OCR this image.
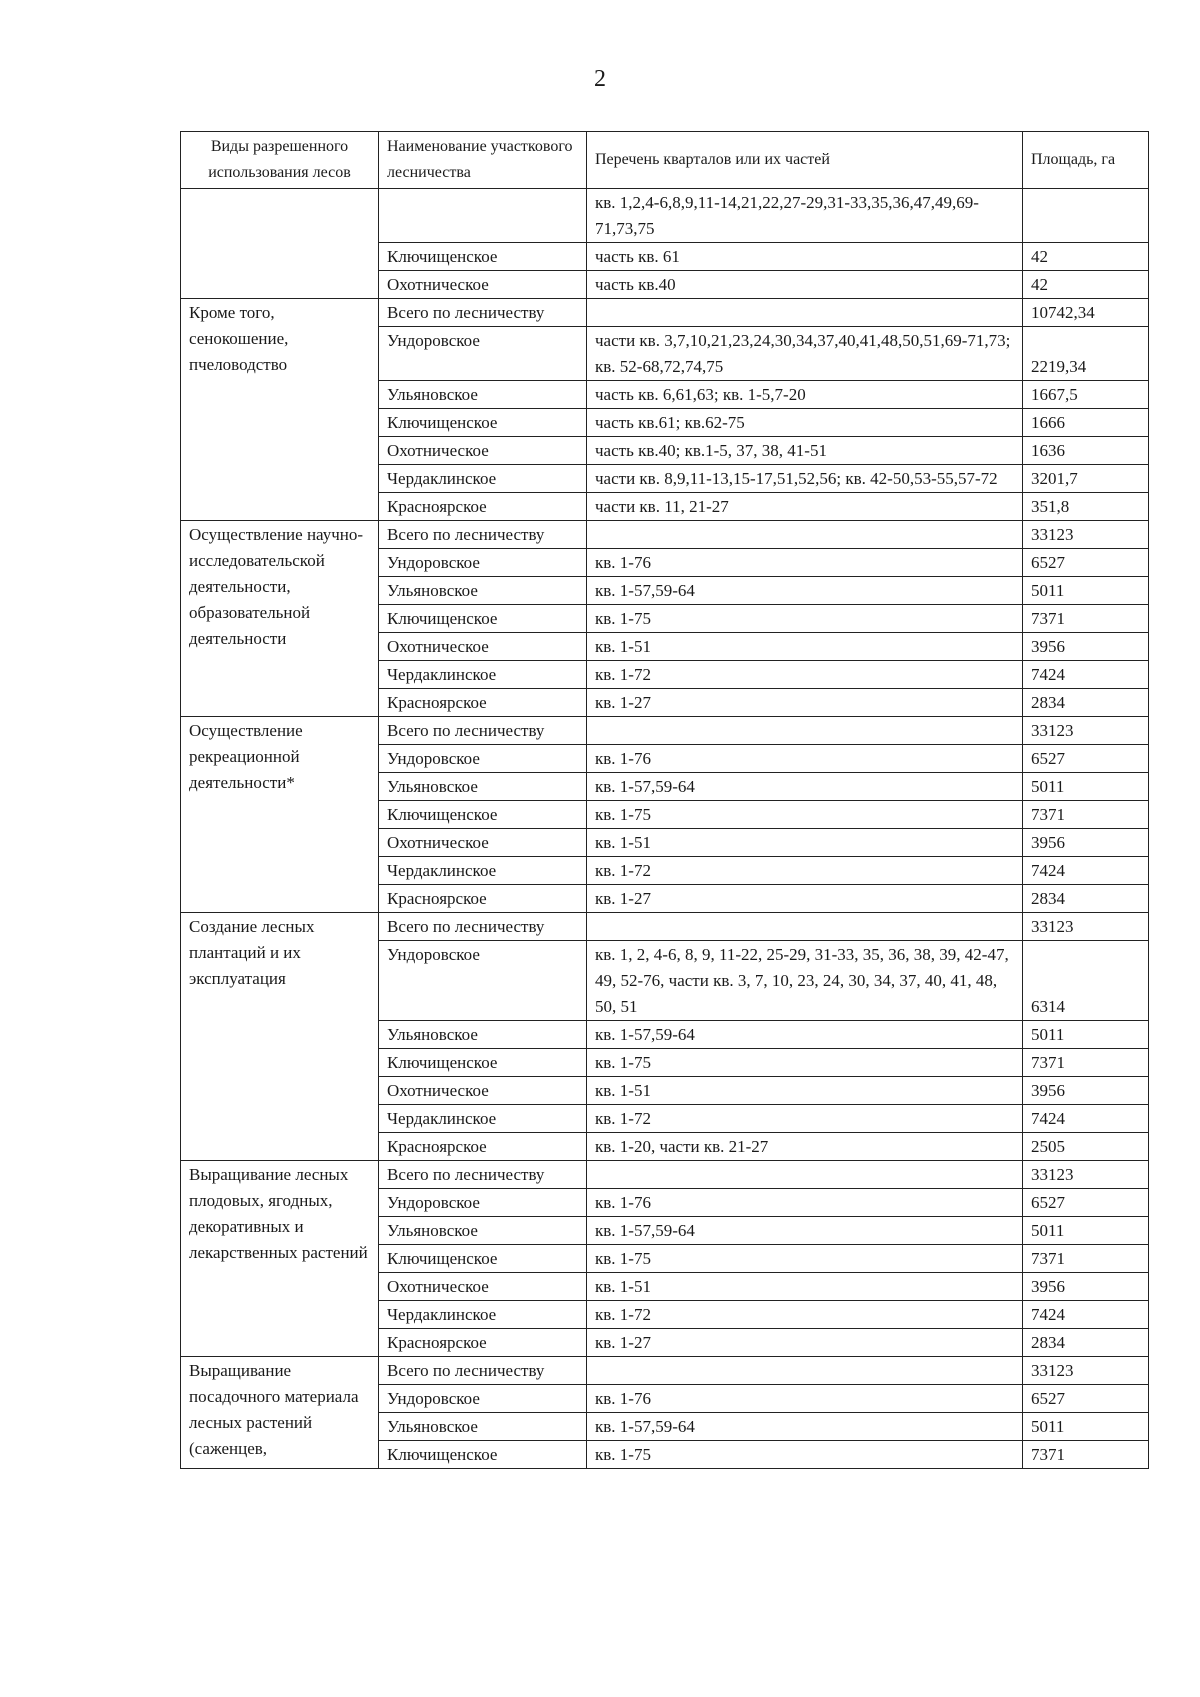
2
Виды разрешенного использования лесов	Наименование участкового лесничества	Перечень кварталов или их частей	Площадь, га
		кв. 1,2,4-6,8,9,11-14,21,22,27-29,31-33,35,36,47,49,69-71,73,75	
	Ключищенское	часть кв. 61	42
	Охотническое	часть кв.40	42
Кроме того, сенокошение, пчеловодство	Всего по лесничеству		10742,34
	Ундоровское	части кв. 3,7,10,21,23,24,30,34,37,40,41,48,50,51,69-71,73; кв. 52-68,72,74,75	2219,34
	Ульяновское	часть кв. 6,61,63; кв. 1-5,7-20	1667,5
	Ключищенское	часть кв.61; кв.62-75	1666
	Охотническое	часть кв.40; кв.1-5, 37, 38, 41-51	1636
	Чердаклинское	части кв. 8,9,11-13,15-17,51,52,56; кв. 42-50,53-55,57-72	3201,7
	Красноярское	части кв. 11, 21-27	351,8
Осуществление научно-исследовательской деятельности, образовательной деятельности	Всего по лесничеству		33123
	Ундоровское	кв. 1-76	6527
	Ульяновское	кв. 1-57,59-64	5011
	Ключищенское	кв. 1-75	7371
	Охотническое	кв. 1-51	3956
	Чердаклинское	кв. 1-72	7424
	Красноярское	кв. 1-27	2834
Осуществление рекреационной деятельности*	Всего по лесничеству		33123
	Ундоровское	кв. 1-76	6527
	Ульяновское	кв. 1-57,59-64	5011
	Ключищенское	кв. 1-75	7371
	Охотническое	кв. 1-51	3956
	Чердаклинское	кв. 1-72	7424
	Красноярское	кв. 1-27	2834
Создание лесных плантаций и их эксплуатация	Всего по лесничеству		33123
	Ундоровское	кв. 1, 2, 4-6, 8, 9, 11-22, 25-29, 31-33, 35, 36, 38, 39, 42-47, 49, 52-76, части кв. 3, 7, 10, 23, 24, 30, 34, 37, 40, 41, 48, 50, 51	6314
	Ульяновское	кв. 1-57,59-64	5011
	Ключищенское	кв. 1-75	7371
	Охотническое	кв. 1-51	3956
	Чердаклинское	кв. 1-72	7424
	Красноярское	кв. 1-20, части кв. 21-27	2505
Выращивание лесных плодовых, ягодных, декоративных и лекарственных растений	Всего по лесничеству		33123
	Ундоровское	кв. 1-76	6527
	Ульяновское	кв. 1-57,59-64	5011
	Ключищенское	кв. 1-75	7371
	Охотническое	кв. 1-51	3956
	Чердаклинское	кв. 1-72	7424
	Красноярское	кв. 1-27	2834
Выращивание посадочного материала лесных растений (саженцев,	Всего по лесничеству		33123
	Ундоровское	кв. 1-76	6527
	Ульяновское	кв. 1-57,59-64	5011
	Ключищенское	кв. 1-75	7371
